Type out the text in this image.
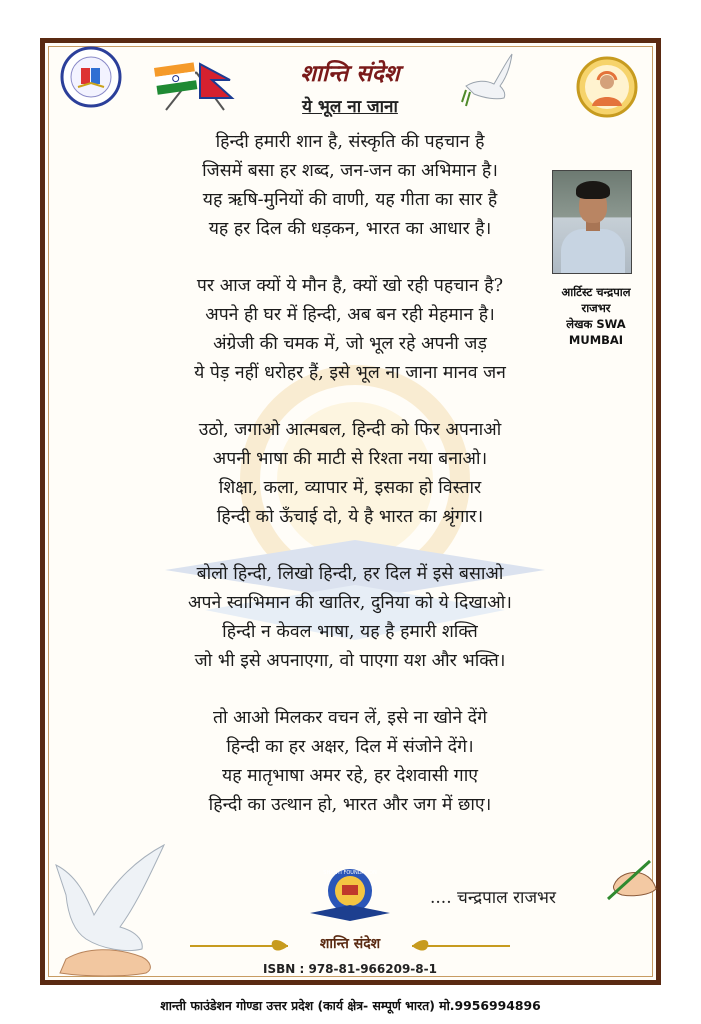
शान्ति संदेश
ये भूल ना जाना
आर्टिस्ट चन्द्रपाल
राजभर
लेखक SWA
MUMBAI
हिन्दी हमारी शान है, संस्कृति की पहचान है
जिसमें बसा हर शब्द, जन-जन का अभिमान है।
यह ऋषि-मुनियों की वाणी, यह गीता का सार है
यह हर दिल की धड़कन, भारत का आधार है।
पर आज क्यों ये मौन है, क्यों खो रही पहचान है?
अपने ही घर में हिन्दी, अब बन रही मेहमान है।
अंग्रेजी की चमक में, जो भूल रहे अपनी जड़
ये पेड़ नहीं धरोहर हैं, इसे भूल ना जाना मानव जन
उठो, जगाओ आत्मबल, हिन्दी को फिर अपनाओ
अपनी भाषा की माटी से रिश्ता नया बनाओ।
शिक्षा, कला, व्यापार में, इसका हो विस्तार
हिन्दी को ऊँचाई दो, ये है भारत का श्रृंगार।
बोलो हिन्दी, लिखो हिन्दी, हर दिल में इसे बसाओ
अपने स्वाभिमान की खातिर, दुनिया को ये दिखाओ।
हिन्दी न केवल भाषा, यह है हमारी शक्ति
जो भी इसे अपनाएगा, वो पाएगा यश और भक्ति।
तो आओ मिलकर वचन लें, इसे ना खोने देंगे
हिन्दी का हर अक्षर, दिल में संजोने देंगे।
यह मातृभाषा अमर रहे, हर देशवासी गाए
हिन्दी का उत्थान हो, भारत और जग में छाए।
.... चन्द्रपाल राजभर
SHANTI FOUNDATION
शान्ति संदेश
ISBN : 978-81-966209-8-1
शान्ती फाउंडेशन गोण्डा उत्तर प्रदेश (कार्य क्षेत्र- सम्पूर्ण भारत) मो.9956994896
